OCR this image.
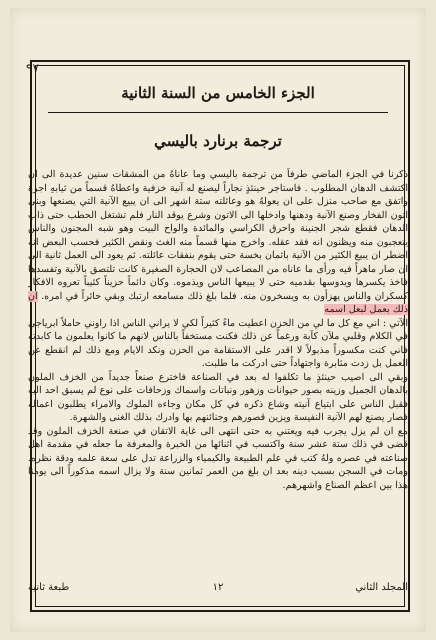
٩٧
الجزء الخامس من السنة الثانية
ترجمة برنارد باليسي

ذكرنا في الجزء الماضي طرفاً من ترجمة باليسي وما عاناهُ من المشقات سنين عديدة الى ان اكتشف الدهان المطلوب . فاستاجر حينئذٍ نجاراً ليصنع له آنية خزفية واعطاهُ قسماً من ثيابهِ اجرة واتفق مع صاحب منزل على ان يعولهُ هو وعائلته ستة اشهر الى ان يبيع الآنية التي يصنعها وبنى اتون الفخار وصنع الآنية ودهنها وادخلها الى الاتون وشرع يوقد النار فلم تشتغل الحطب حتى ذاب الدهان فقطع شجر الجنينة واحرق الكراسي والمائدة والواح البيت وهو شبه المجنون والناس يتعجبون منه ويظنون انه فقد عقله. واخرج منها قسماً منه الغث ونقص الكثير فحسب البعض انه اضطر ان يبيع الكثير من الآنية باثمان بخسة حتى يقوم بنفقات عائلته. ثم يعود الى العمل ثانية الى ان صار ماهراً فيه ورأى ما عاناه من المصاعب لان الحجارة الصغيرة كانت تلتصق بالآنية وتفسدها فاخذ يكسرها ويدوسها بقدميه حتى لا يبيعها الناس ويذموه. وكان دائماً حزيناً كئيباً تعروه الافكار كسكران والناس يهزأون به ويسخرون منه. فلما بلغ ذلك مسامعه ارتبك وبقي حائراً في امره. ان ذلك بعمل لبعل اسمه

الآتي : اني مع كل ما لي من الحزن اعطيت ماءً كثيراً لكي لا يراني الناس اذا راوني حاملاً ابرياجي في الكلام وقلبي ملآن كآبة ورغماً عن ذلك فكنت مستخفاً بالناس لانهم ما كانوا يعلمون ما كابدته فاني كنت مكسوراً مذبولاً لا اقدر على الاستقامة من الحزن ونكد الايام ومع ذلك لم انقطع عن العمل بل زدت مثابرة واجتهاداً حتى ادركت ما طلبت.

وبقي الى اصيب حينئذٍ ما تكلفوا له بعد في الصناعة فاخترع صنعاً جديداً من الخزف الملون بالدهان الجميل وزينه بصور حيوانات وزهور ونباتات واسماك وزحافات على نوع لم يسبق احد اليه فقبل الناس على ابتياع آنيته وشاع ذكره في كل مكان وجاءه الملوك والامراء يطلبون اعماله فصار يصنع لهم الآنية النفيسة ويزين قصورهم وجنائنهم بها وادرك بذلك الغنى والشهرة.

مع ان لم يزل يجرب فيه ويعتني به حتى انتهى الى غاية الاتقان في صنعة الخزف الملون وقد قضى في ذلك ستة عشر سنة واكتسب في اثنائها من الخبرة والمعرفة ما جعله في مقدمة اهل صناعته في عصره ولهُ كتب في علم الطبيعة والكيمياء والزراعة تدل على سعة علمه ودقة نظره. ومات في السجن بسبب دينه بعد ان بلغ من العمر ثمانين سنة ولا يزال اسمه مذكوراً الى يومنا هذا بين اعظم الصناع واشهرهم.

المجلد الثاني
١٢
طبعة ثانية
